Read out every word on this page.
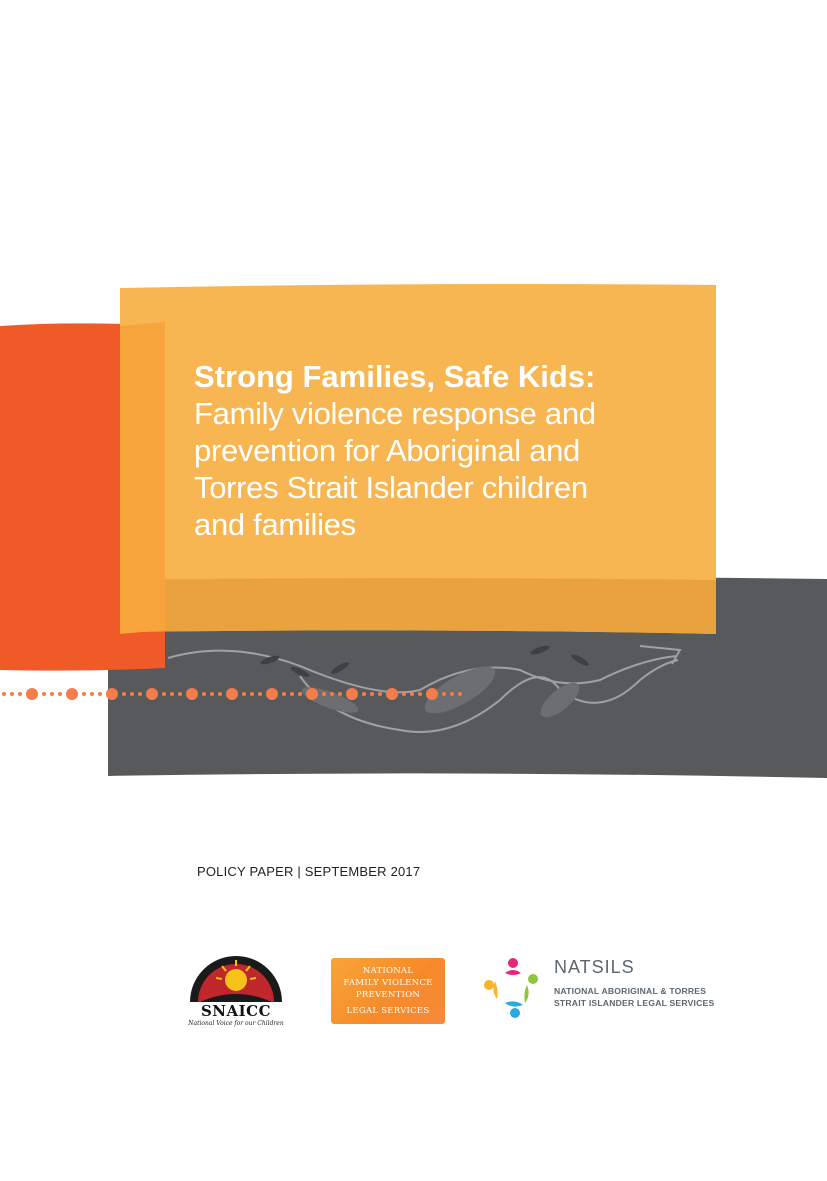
Strong Families, Safe Kids:
Family violence response and
prevention for Aboriginal and
Torres Strait Islander children
and families
POLICY PAPER | SEPTEMBER 2017
SNAICC
National Voice for our Children
NATIONAL
FAMILY VIOLENCE
PREVENTION
LEGAL SERVICES
NATSILS
NATIONAL ABORIGINAL & TORRES
STRAIT ISLANDER LEGAL SERVICES
